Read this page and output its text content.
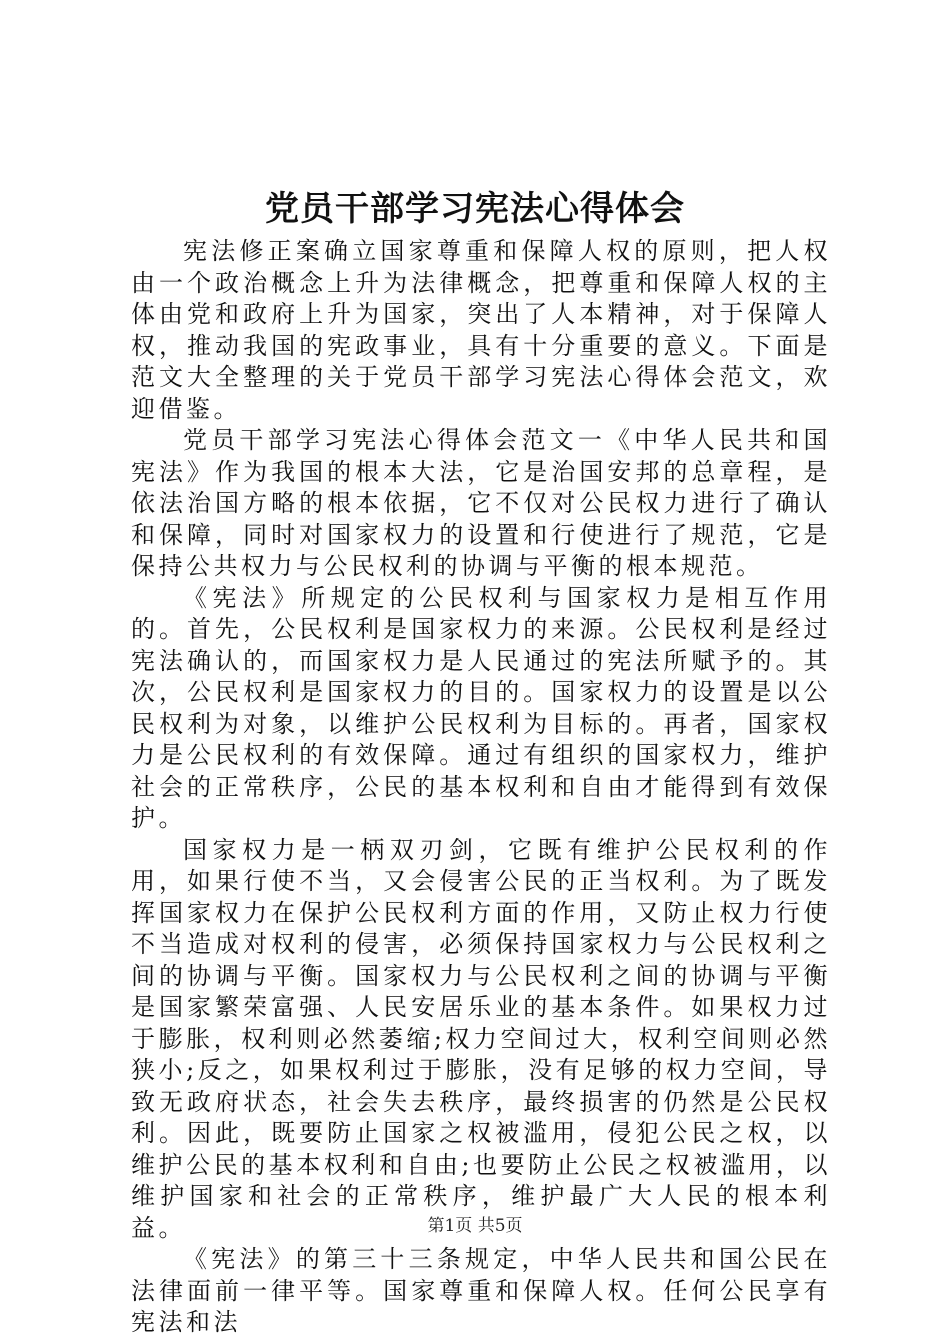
党员干部学习宪法心得体会

宪法修正案确立国家尊重和保障人权的原则，把人权由一个政治概念上升为法律概念，把尊重和保障人权的主体由党和政府上升为国家，突出了人本精神，对于保障人权，推动我国的宪政事业，具有十分重要的意义。下面是范文大全整理的关于党员干部学习宪法心得体会范文，欢迎借鉴。

党员干部学习宪法心得体会范文一《中华人民共和国宪法》作为我国的根本大法，它是治国安邦的总章程，是依法治国方略的根本依据，它不仅对公民权力进行了确认和保障，同时对国家权力的设置和行使进行了规范，它是保持公共权力与公民权利的协调与平衡的根本规范。

《宪法》所规定的公民权利与国家权力是相互作用的。首先，公民权利是国家权力的来源。公民权利是经过宪法确认的，而国家权力是人民通过的宪法所赋予的。其次，公民权利是国家权力的目的。国家权力的设置是以公民权利为对象，以维护公民权利为目标的。再者，国家权力是公民权利的有效保障。通过有组织的国家权力，维护社会的正常秩序，公民的基本权利和自由才能得到有效保护。

国家权力是一柄双刃剑，它既有维护公民权利的作用，如果行使不当，又会侵害公民的正当权利。为了既发挥国家权力在保护公民权利方面的作用，又防止权力行使不当造成对权利的侵害，必须保持国家权力与公民权利之间的协调与平衡。国家权力与公民权利之间的协调与平衡是国家繁荣富强、人民安居乐业的基本条件。如果权力过于膨胀，权利则必然萎缩;权力空间过大，权利空间则必然狭小;反之，如果权利过于膨胀，没有足够的权力空间，导致无政府状态，社会失去秩序，最终损害的仍然是公民权利。因此，既要防止国家之权被滥用，侵犯公民之权，以维护公民的基本权利和自由;也要防止公民之权被滥用，以维护国家和社会的正常秩序，维护最广大人民的根本利益。

《宪法》的第三十三条规定，中华人民共和国公民在法律面前一律平等。国家尊重和保障人权。任何公民享有宪法和法

第1页 共5页
